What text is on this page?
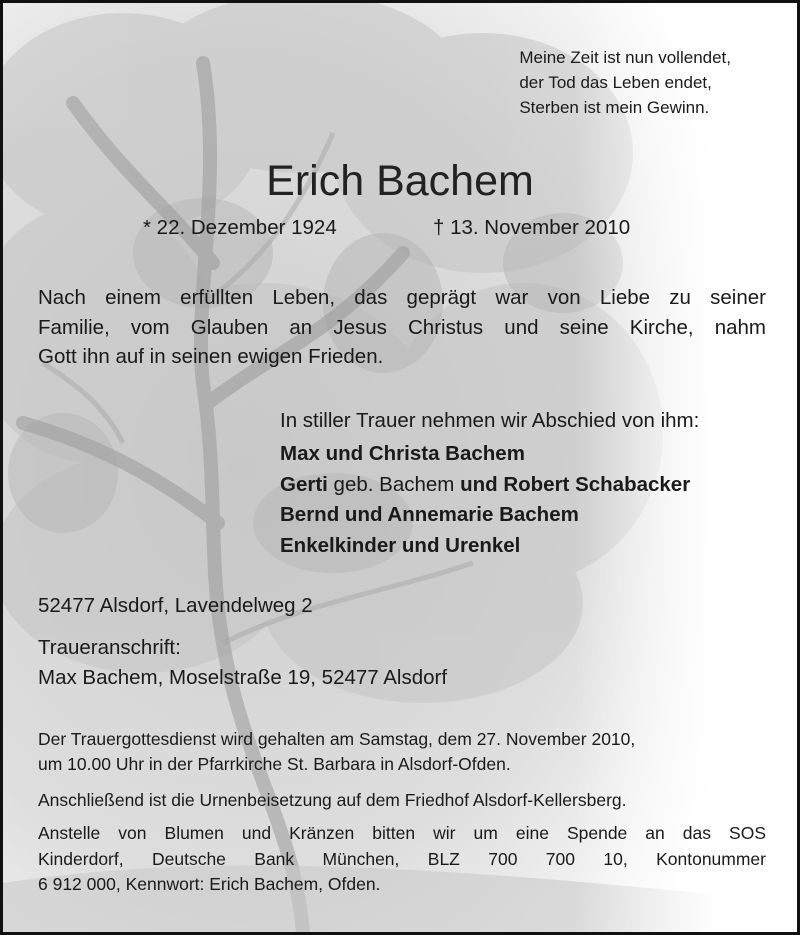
Meine Zeit ist nun vollendet,
der Tod das Leben endet,
Sterben ist mein Gewinn.
Erich Bachem
* 22. Dezember 1924	† 13. November 2010
Nach einem erfüllten Leben, das geprägt war von Liebe zu seiner
Familie, vom Glauben an Jesus Christus und seine Kirche, nahm
Gott ihn auf in seinen ewigen Frieden.
In stiller Trauer nehmen wir Abschied von ihm:
Max und Christa Bachem
Gerti geb. Bachem und Robert Schabacker
Bernd und Annemarie Bachem
Enkelkinder und Urenkel
52477 Alsdorf, Lavendelweg 2
Traueranschrift:
Max Bachem, Moselstraße 19, 52477 Alsdorf
Der Trauergottesdienst wird gehalten am Samstag, dem 27. November 2010,
um 10.00 Uhr in der Pfarrkirche St. Barbara in Alsdorf-Ofden.
Anschließend ist die Urnenbeisetzung auf dem Friedhof Alsdorf-Kellersberg.
Anstelle von Blumen und Kränzen bitten wir um eine Spende an das SOS
Kinderdorf, Deutsche Bank München, BLZ 700 700 10, Kontonummer
6 912 000, Kennwort: Erich Bachem, Ofden.
